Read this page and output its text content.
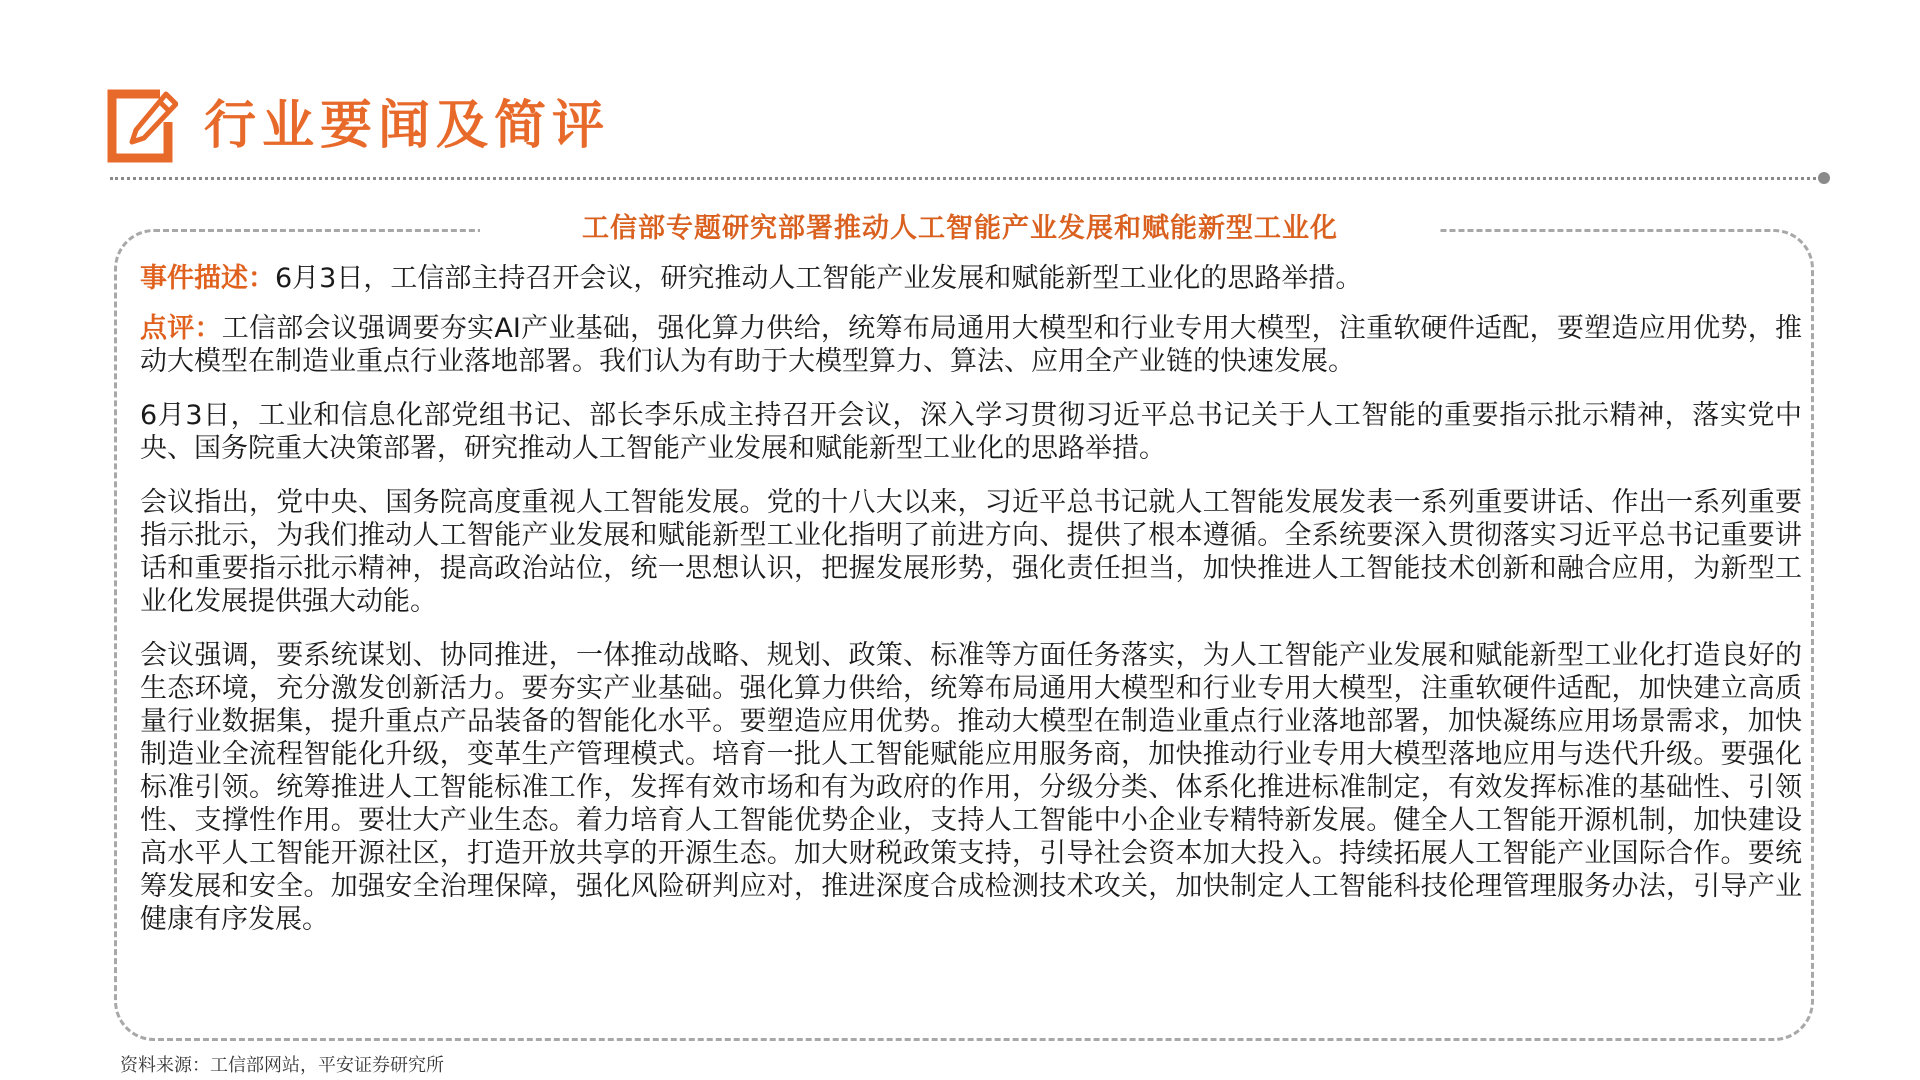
行业要闻及简评
工信部专题研究部署推动人工智能产业发展和赋能新型工业化

事件描述：6月3日，工信部主持召开会议，研究推动人工智能产业发展和赋能新型工业化的思路举措。

点评：工信部会议强调要夯实AI产业基础，强化算力供给，统筹布局通用大模型和行业专用大模型，注重软硬件适配，要塑造应用优势，推动大模型在制造业重点行业落地部署。我们认为有助于大模型算力、算法、应用全产业链的快速发展。

6月3日，工业和信息化部党组书记、部长李乐成主持召开会议，深入学习贯彻习近平总书记关于人工智能的重要指示批示精神，落实党中央、国务院重大决策部署，研究推动人工智能产业发展和赋能新型工业化的思路举措。

会议指出，党中央、国务院高度重视人工智能发展。党的十八大以来，习近平总书记就人工智能发展发表一系列重要讲话、作出一系列重要指示批示，为我们推动人工智能产业发展和赋能新型工业化指明了前进方向、提供了根本遵循。全系统要深入贯彻落实习近平总书记重要讲话和重要指示批示精神，提高政治站位，统一思想认识，把握发展形势，强化责任担当，加快推进人工智能技术创新和融合应用，为新型工业化发展提供强大动能。

会议强调，要系统谋划、协同推进，一体推动战略、规划、政策、标准等方面任务落实，为人工智能产业发展和赋能新型工业化打造良好的生态环境，充分激发创新活力。要夯实产业基础。强化算力供给，统筹布局通用大模型和行业专用大模型，注重软硬件适配，加快建立高质量行业数据集，提升重点产品装备的智能化水平。要塑造应用优势。推动大模型在制造业重点行业落地部署，加快凝练应用场景需求，加快制造业全流程智能化升级，变革生产管理模式。培育一批人工智能赋能应用服务商，加快推动行业专用大模型落地应用与迭代升级。要强化标准引领。统筹推进人工智能标准工作，发挥有效市场和有为政府的作用，分级分类、体系化推进标准制定，有效发挥标准的基础性、引领性、支撑性作用。要壮大产业生态。着力培育人工智能优势企业，支持人工智能中小企业专精特新发展。健全人工智能开源机制，加快建设高水平人工智能开源社区，打造开放共享的开源生态。加大财税政策支持，引导社会资本加大投入。持续拓展人工智能产业国际合作。要统筹发展和安全。加强安全治理保障，强化风险研判应对，推进深度合成检测技术攻关，加快制定人工智能科技伦理管理服务办法，引导产业健康有序发展。

资料来源：工信部网站，平安证券研究所
